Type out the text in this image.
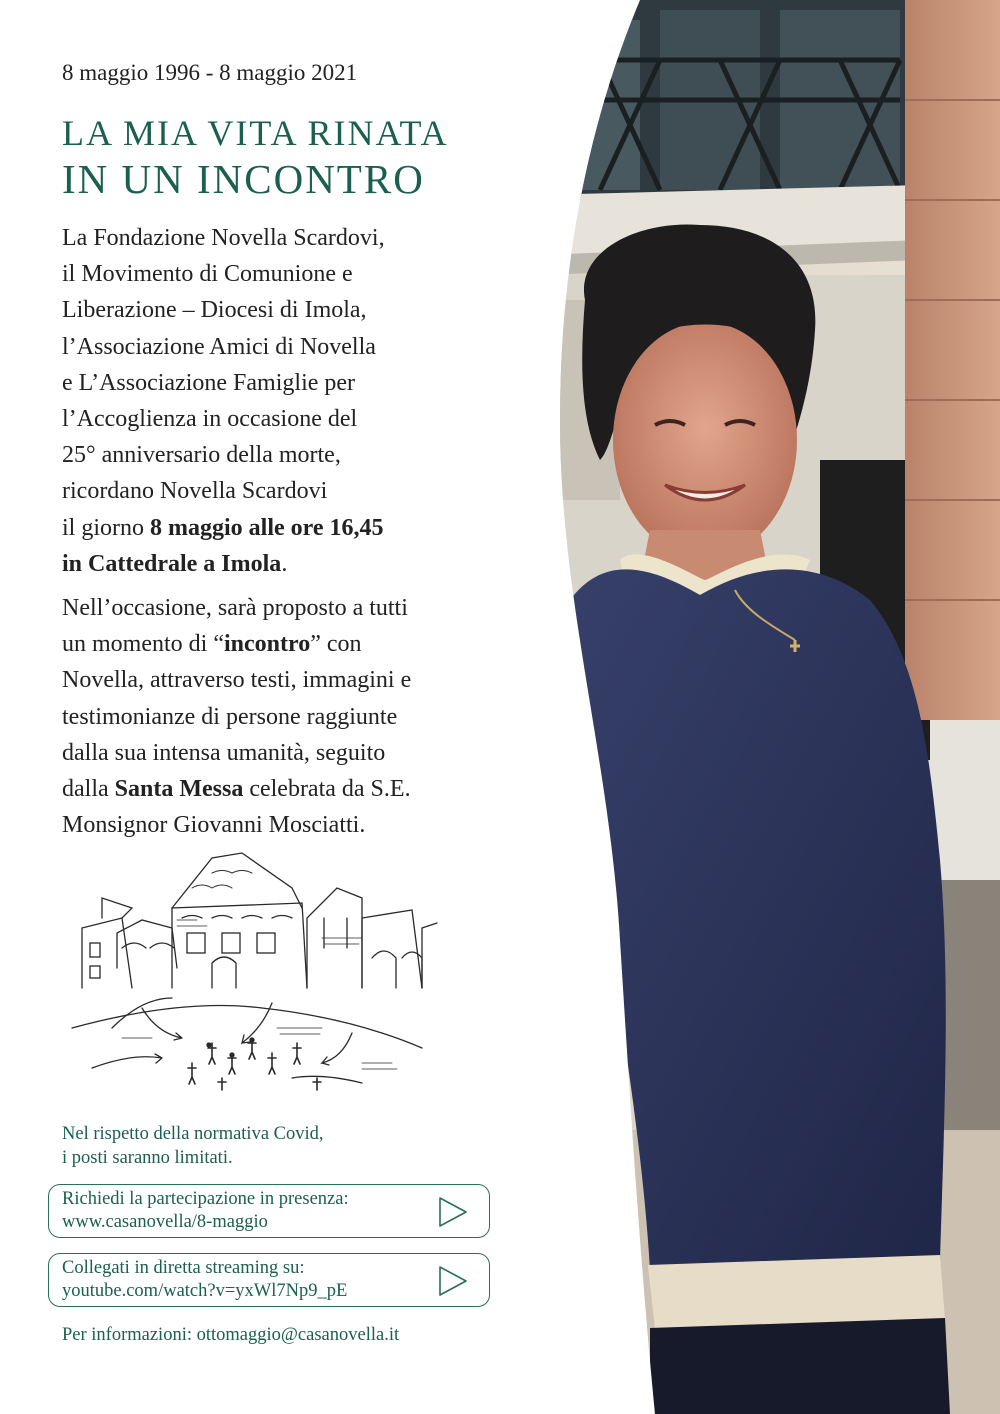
8 maggio 1996 - 8 maggio 2021
LA MIA VITA RINATA
IN UN INCONTRO
La Fondazione Novella Scardovi,
il Movimento di Comunione e
Liberazione – Diocesi di Imola,
l’Associazione Amici di Novella
e L’Associazione Famiglie per
l’Accoglienza in occasione del
25° anniversario della morte,
ricordano Novella Scardovi
il giorno 8 maggio alle ore 16,45
in Cattedrale a Imola.
Nell’occasione, sarà proposto a tutti
un momento di “incontro” con
Novella, attraverso testi, immagini e
testimonianze di persone raggiunte
dalla sua intensa umanità, seguito
dalla Santa Messa celebrata da S.E.
Monsignor Giovanni Mosciatti.
Nel rispetto della normativa Covid,
i posti saranno limitati.
Richiedi la partecipazione in presenza:
www.casanovella/8-maggio
Collegati in diretta streaming su:
youtube.com/watch?v=yxWl7Np9_pE
Per informazioni: ottomaggio@casanovella.it
